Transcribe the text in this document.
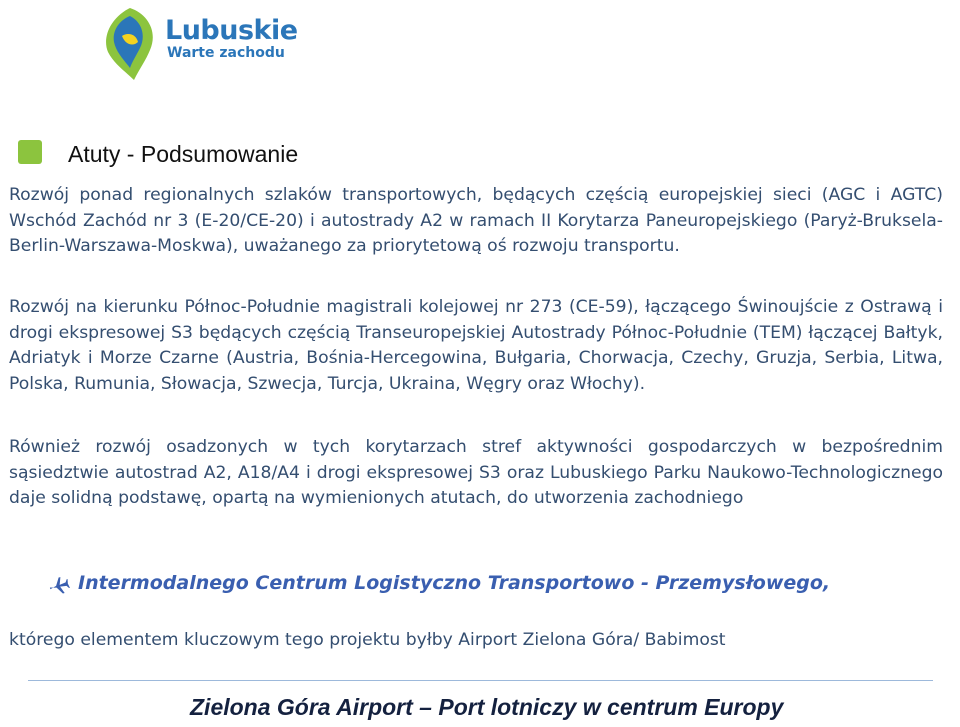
Lubuskie
Warte zachodu
Atuty - Podsumowanie

Rozwój ponad regionalnych szlaków transportowych, będących częścią europejskiej sieci (AGC i AGTC) Wschód Zachód nr 3 (E-20/CE-20) i autostrady A2 w ramach II Korytarza Paneuropejskiego (Paryż-Bruksela-Berlin-Warszawa-Moskwa), uważanego za priorytetową oś rozwoju transportu.

Rozwój na kierunku Północ-Południe magistrali kolejowej nr 273 (CE-59), łączącego Świnoujście z Ostrawą i drogi ekspresowej S3 będących częścią Transeuropejskiej Autostrady Północ-Południe (TEM) łączącej Bałtyk, Adriatyk i Morze Czarne (Austria, Bośnia-Hercegowina, Bułgaria, Chorwacja, Czechy, Gruzja, Serbia, Litwa, Polska, Rumunia, Słowacja, Szwecja, Turcja, Ukraina, Węgry oraz Włochy).

Również rozwój osadzonych w tych korytarzach stref aktywności gospodarczych w bezpośrednim sąsiedztwie autostrad A2, A18/A4 i drogi ekspresowej S3 oraz Lubuskiego Parku Naukowo-Technologicznego daje solidną podstawę, opartą na wymienionych atutach, do utworzenia zachodniego

Intermodalnego Centrum Logistyczno Transportowo - Przemysłowego,
którego elementem kluczowym tego projektu byłby Airport Zielona Góra/ Babimost
Zielona Góra Airport – Port lotniczy w centrum Europy
